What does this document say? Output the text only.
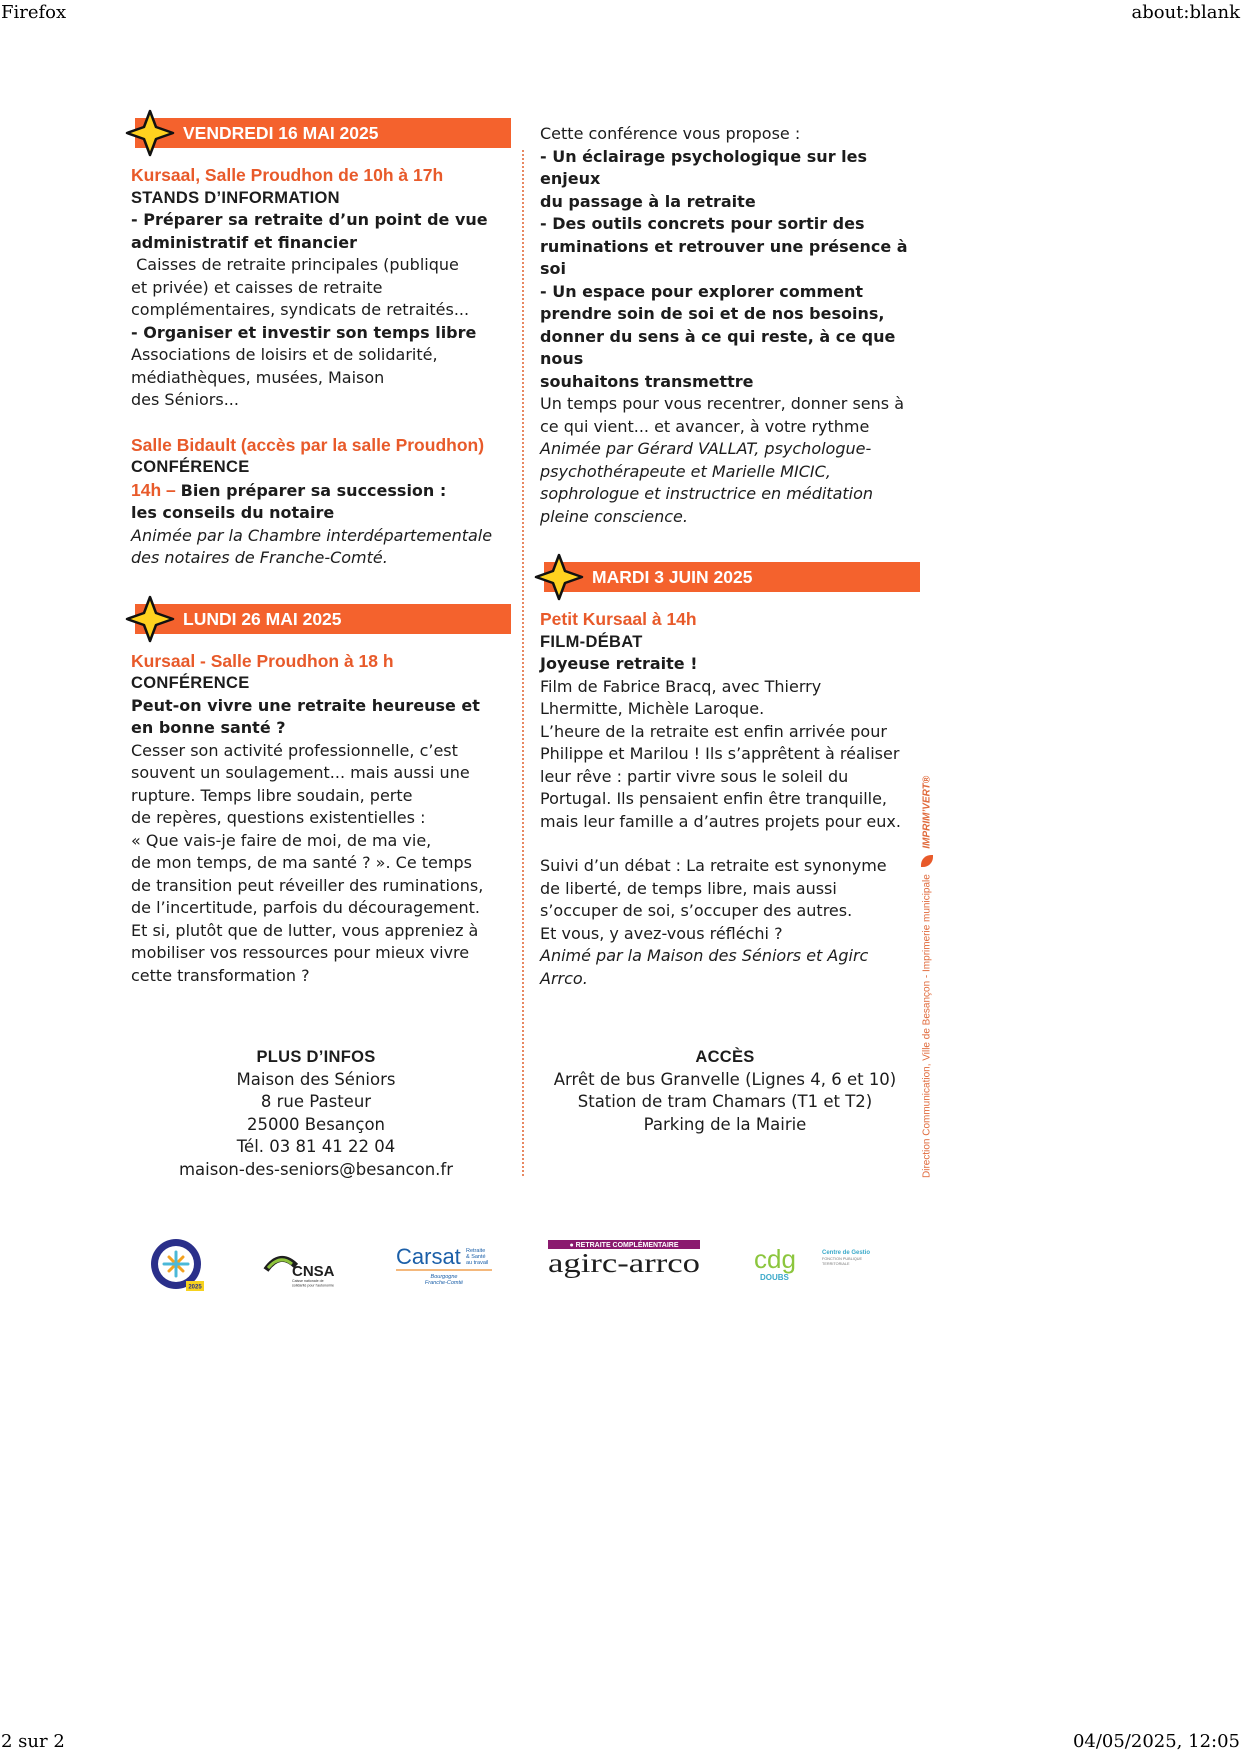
Firefox	about:blank
VENDREDI 16 MAI 2025
Kursaal, Salle Proudhon de 10h à 17h
STANDS D’INFORMATION
- Préparer sa retraite d’un point de vue
administratif et financier
Caisses de retraite principales (publique
et privée) et caisses de retraite
complémentaires, syndicats de retraités...
- Organiser et investir son temps libre
Associations de loisirs et de solidarité,
médiathèques, musées, Maison
des Séniors...
Salle Bidault (accès par la salle Proudhon)
CONFÉRENCE
14h – Bien préparer sa succession :
les conseils du notaire
Animée par la Chambre interdépartementale
des notaires de Franche-Comté.
LUNDI 26 MAI 2025
Kursaal - Salle Proudhon à 18 h
CONFÉRENCE
Peut-on vivre une retraite heureuse et
en bonne santé ?
Cesser son activité professionnelle, c’est
souvent un soulagement... mais aussi une
rupture. Temps libre soudain, perte
de repères, questions existentielles :
« Que vais-je faire de moi, de ma vie,
de mon temps, de ma santé ? ». Ce temps
de transition peut réveiller des ruminations,
de l’incertitude, parfois du découragement.
Et si, plutôt que de lutter, vous appreniez à
mobiliser vos ressources pour mieux vivre
cette transformation ?
Cette conférence vous propose :
- Un éclairage psychologique sur les enjeux
du passage à la retraite
- Des outils concrets pour sortir des
ruminations et retrouver une présence à soi
- Un espace pour explorer comment
prendre soin de soi et de nos besoins,
donner du sens à ce qui reste, à ce que nous
souhaitons transmettre
Un temps pour vous recentrer, donner sens à
ce qui vient... et avancer, à votre rythme
Animée par Gérard VALLAT, psychologue-
psychothérapeute et Marielle MICIC,
sophrologue et instructrice en méditation
pleine conscience.
MARDI 3 JUIN 2025
Petit Kursaal à 14h
FILM-DÉBAT
Joyeuse retraite !
Film de Fabrice Bracq, avec Thierry
Lhermitte, Michèle Laroque.
L’heure de la retraite est enfin arrivée pour
Philippe et Marilou ! Ils s’apprêtent à réaliser
leur rêve : partir vivre sous le soleil du
Portugal. Ils pensaient enfin être tranquille,
mais leur famille a d’autres projets pour eux.
Suivi d’un débat : La retraite est synonyme
de liberté, de temps libre, mais aussi
s’occuper de soi, s’occuper des autres.
Et vous, y avez-vous réfléchi ?
Animé par la Maison des Séniors et Agirc
Arrco.
PLUS D’INFOS
Maison des Séniors
8 rue Pasteur
25000 Besançon
Tél. 03 81 41 22 04
maison-des-seniors@besancon.fr
ACCÈS
Arrêt de bus Granvelle (Lignes 4, 6 et 10)
Station de tram Chamars (T1 et T2)
Parking de la Mairie	Direction Communication, Ville de Besançon - Imprimerie municipale  IMPRIM’VERT®
2025
CNSA
Caisse nationale de
solidarité pour l’autonomie
Carsat Retraite
& Santé
au travail
Bourgogne
Franche-Comté
● RETRAITE COMPLÉMENTAIRE
agirc-arrco cdg
DOUBS
Centre de Gestion
FONCTION PUBLIQUE
TERRITORIALE
2 sur 2	04/05/2025, 12:05
